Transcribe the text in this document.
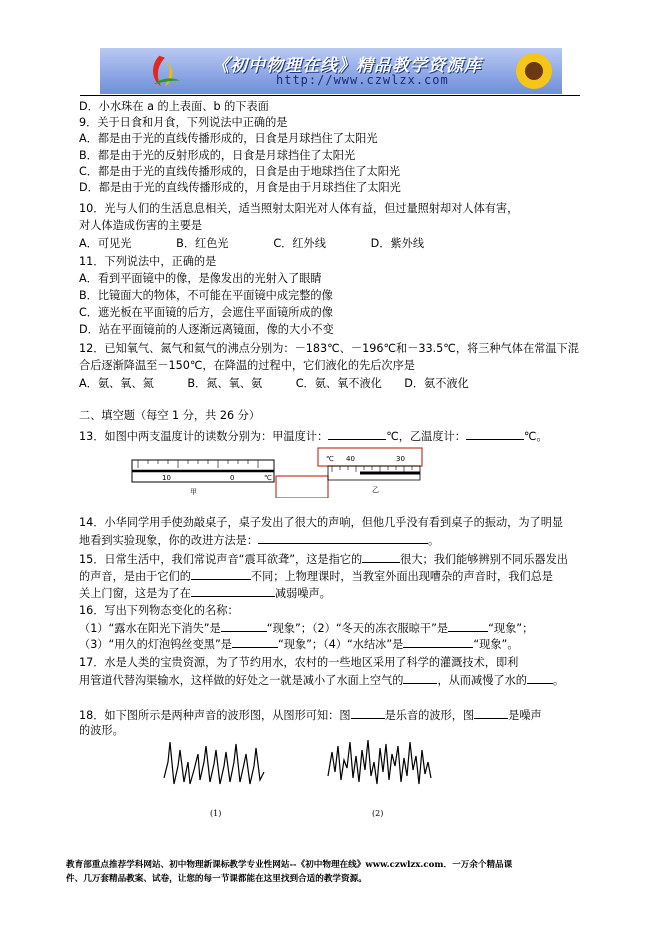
《初中物理在线》精品教学资源库
http://www.czwlzx.com
D．小水珠在 a 的上表面、b 的下表面
9．关于日食和月食，下列说法中正确的是
A．都是由于光的直线传播形成的，日食是月球挡住了太阳光
B．都是由于光的反射形成的，日食是月球挡住了太阳光
C．都是由于光的直线传播形成的，日食是由于地球挡住了太阳光
D．都是由于光的直线传播形成的，月食是由于月球挡住了太阳光
10．光与人们的生活息息相关，适当照射太阳光对人体有益，但过量照射却对人体有害，
对人体造成伤害的主要是
A．可见光　　　　B．红色光　　　　C．红外线　　　　D．紫外线
11．下列说法中，正确的是
A．看到平面镜中的像，是像发出的光射入了眼睛
B．比镜面大的物体，不可能在平面镜中成完整的像
C．遮光板在平面镜的后方，会遮住平面镜所成的像
D．站在平面镜前的人逐渐远离镜面，像的大小不变
12．已知氧气、氮气和氦气的沸点分别为：－183℃、－196℃和－33.5℃，将三种气体在常温下混
合后逐渐降温至－150℃，在降温的过程中，它们液化的先后次序是
A．氨、氧、氮　　　B．氮、氧、氨　　　C．氨、氧不液化　　D．氨不液化
二、填空题（每空 1 分，共 26 分）
13．如图中两支温度计的读数分别为：甲温度计：	℃，乙温度计：	℃。
10	0	℃
甲
℃ 40	30
乙
14．小华同学用手使劲敲桌子，桌子发出了很大的声响，但他几乎没有看到桌子的振动，为了明显
地看到实验现象，你的改进方法是：	。
15．日常生活中，我们常说声音“震耳欲聋”，这是指它的	很大；我们能够辨别不同乐器发出
的声音，是由于它们的	不同；上物理课时，当教室外面出现嘈杂的声音时，我们总是
关上门窗，这是为了在	减弱噪声。
16．写出下列物态变化的名称：
（1）“露水在阳光下消失”是	“现象”；（2）“冬天的冻衣服晾干”是	“现象”；
（3）“用久的灯泡钨丝变黑”是	“现象”；（4）“水结冰”是	“现象”。
17．水是人类的宝贵资源，为了节约用水，农村的一些地区采用了科学的灌溉技术，即利
用管道代替沟渠输水，这样做的好处之一就是减小了水面上空气的	，从而减慢了水的 。
18．如下图所示是两种声音的波形图，从图形可知：图	是乐音的波形，图	是噪声
的波形。
(1)	(2)
教育部重点推荐学科网站、初中物理新课标教学专业性网站--《初中物理在线》www.czwlzx.com．一万余个精品课
件、几万套精品教案、试卷，让您的每一节课都能在这里找到合适的教学资源。
